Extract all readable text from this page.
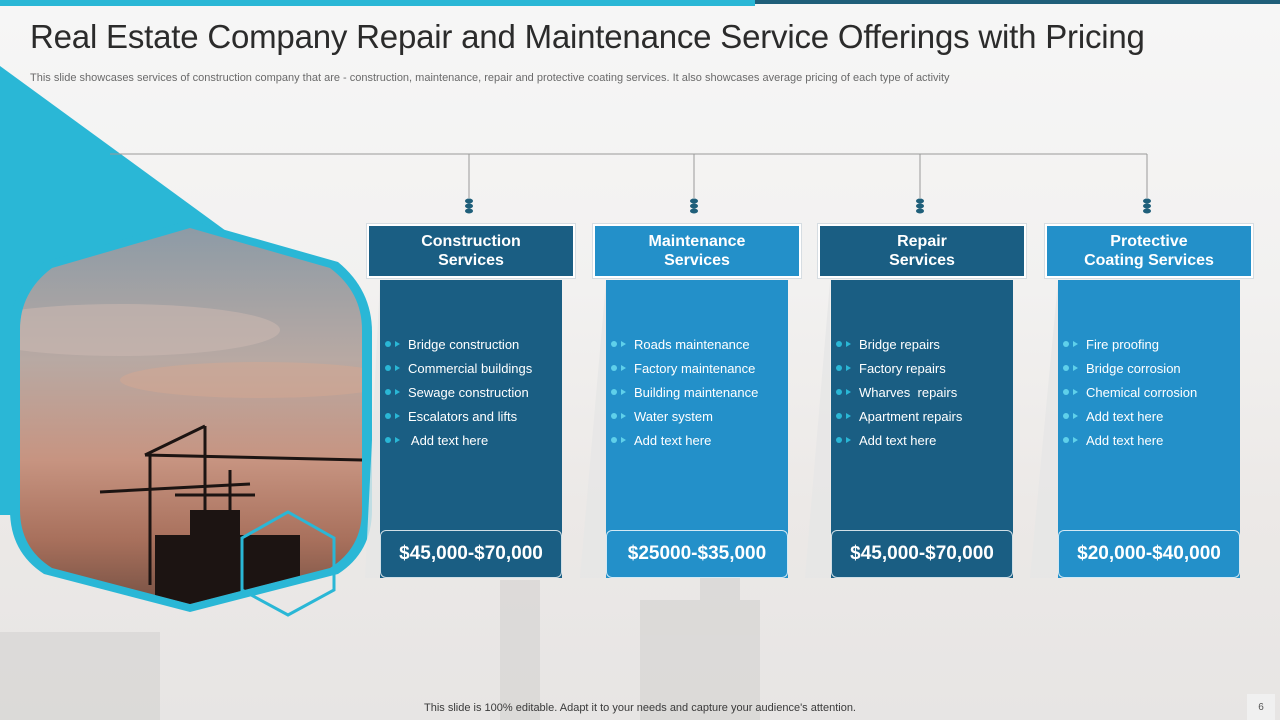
Real Estate Company Repair and Maintenance Service Offerings with Pricing

This slide showcases services of construction company that are - construction, maintenance, repair and protective coating services. It also showcases average pricing of each type of activity

Construction
Services
Bridge construction
Commercial buildings
Sewage construction
Escalators and lifts
Add text here
$45,000-$70,000
Maintenance
Services
Roads maintenance
Factory maintenance
Building maintenance
Water system
Add text here
$25000-$35,000
Repair
Services
Bridge repairs
Factory repairs
Wharves  repairs
Apartment repairs
Add text here
$45,000-$70,000
Protective
Coating Services
Fire proofing
Bridge corrosion
Chemical corrosion
Add text here
Add text here
$20,000-$40,000
This slide is 100% editable. Adapt it to your needs and capture your audience's attention.	6
